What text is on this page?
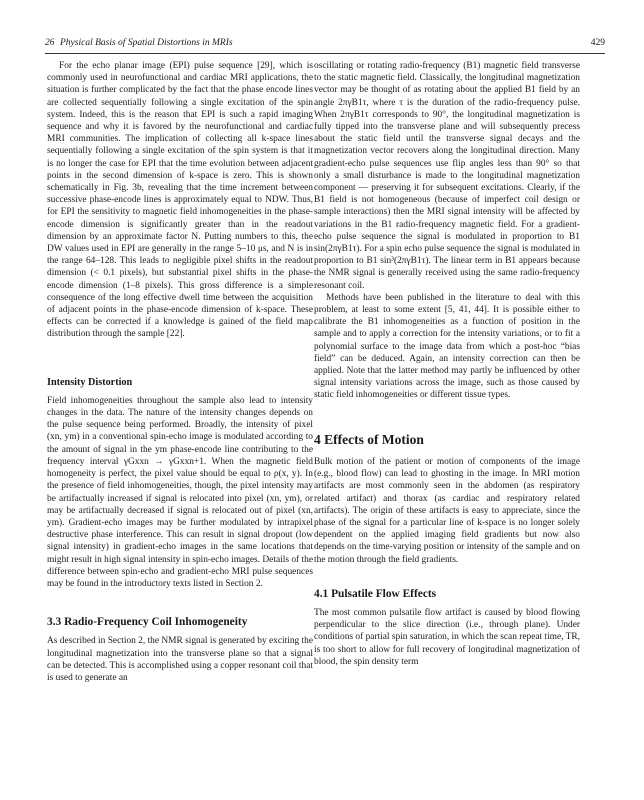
26 Physical Basis of Spatial Distortions in MRIs	429

For the echo planar image (EPI) pulse sequence [29], which is commonly used in neurofunctional and cardiac MRI applications, the situation is further complicated by the fact that the phase encode lines are collected sequentially following a single excitation of the spin system. Indeed, this is the reason that EPI is such a rapid imaging sequence and why it is favored by the neurofunctional and cardiac MRI communities. The implication of collecting all k-space lines sequentially following a single excitation of the spin system is that it is no longer the case for EPI that the time evolution between adjacent points in the second dimension of k-space is zero. This is shown schematically in Fig. 3b, revealing that the time increment between successive phase-encode lines is approximately equal to NDW. Thus, for EPI the sensitivity to magnetic field inhomogeneities in the phase-encode dimension is significantly greater than in the readout dimension by an approximate factor N. Putting numbers to this, the DW values used in EPI are generally in the range 5–10 μs, and N is in the range 64–128. This leads to negligible pixel shifts in the readout dimension (< 0.1 pixels), but substantial pixel shifts in the phase-encode dimension (1–8 pixels). This gross difference is a simple consequence of the long effective dwell time between the acquisition of adjacent points in the phase-encode dimension of k-space. These effects can be corrected if a knowledge is gained of the field map distribution through the sample [22].

Intensity Distortion

Field inhomogeneities throughout the sample also lead to intensity changes in the data. The nature of the intensity changes depends on the pulse sequence being performed. Broadly, the intensity of pixel (xn, ym) in a conventional spin-echo image is modulated according to the amount of signal in the ym phase-encode line contributing to the frequency interval γGxxn → γGxxn+1. When the magnetic field homogeneity is perfect, the pixel value should be equal to ρ(x, y). In the presence of field inhomogeneities, though, the pixel intensity may be artifactually increased if signal is relocated into pixel (xn, ym), or may be artifactually decreased if signal is relocated out of pixel (xn, ym). Gradient-echo images may be further modulated by intrapixel destructive phase interference. This can result in signal dropout (low signal intensity) in gradient-echo images in the same locations that might result in high signal intensity in spin-echo images. Details of the difference between spin-echo and gradient-echo MRI pulse sequences may be found in the introductory texts listed in Section 2.

3.3 Radio-Frequency Coil Inhomogeneity

As described in Section 2, the NMR signal is generated by exciting the longitudinal magnetization into the transverse plane so that a signal can be detected. This is accomplished using a copper resonant coil that is used to generate an

oscillating or rotating radio-frequency (B1) magnetic field transverse to the static magnetic field. Classically, the longitudinal magnetization vector may be thought of as rotating about the applied B1 field by an angle 2πγB1τ, where τ is the duration of the radio-frequency pulse. When 2πγB1τ corresponds to 90°, the longitudinal magnetization is fully tipped into the transverse plane and will subsequently precess about the static field until the transverse signal decays and the magnetization vector recovers along the longitudinal direction. Many gradient-echo pulse sequences use flip angles less than 90° so that only a small disturbance is made to the longitudinal magnetization component — preserving it for subsequent excitations. Clearly, if the B1 field is not homogeneous (because of imperfect coil design or sample interactions) then the MRI signal intensity will be affected by variations in the B1 radio-frequency magnetic field. For a gradient-echo pulse sequence the signal is modulated in proportion to B1 sin(2πγB1τ). For a spin echo pulse sequence the signal is modulated in proportion to B1 sin³(2πγB1τ). The linear term in B1 appears because the NMR signal is generally received using the same radio-frequency resonant coil.

Methods have been published in the literature to deal with this problem, at least to some extent [5, 41, 44]. It is possible either to calibrate the B1 inhomogeneities as a function of position in the sample and to apply a correction for the intensity variations, or to fit a polynomial surface to the image data from which a post-hoc “bias field” can be deduced. Again, an intensity correction can then be applied. Note that the latter method may partly be influenced by other signal intensity variations across the image, such as those caused by static field inhomogeneities or different tissue types.

4 Effects of Motion

Bulk motion of the patient or motion of components of the image (e.g., blood flow) can lead to ghosting in the image. In MRI motion artifacts are most commonly seen in the abdomen (as respiratory related artifact) and thorax (as cardiac and respiratory related artifacts). The origin of these artifacts is easy to appreciate, since the phase of the signal for a particular line of k-space is no longer solely dependent on the applied imaging field gradients but now also depends on the time-varying position or intensity of the sample and on the motion through the field gradients.

4.1 Pulsatile Flow Effects

The most common pulsatile flow artifact is caused by blood flowing perpendicular to the slice direction (i.e., through plane). Under conditions of partial spin saturation, in which the scan repeat time, TR, is too short to allow for full recovery of longitudinal magnetization of blood, the spin density term
